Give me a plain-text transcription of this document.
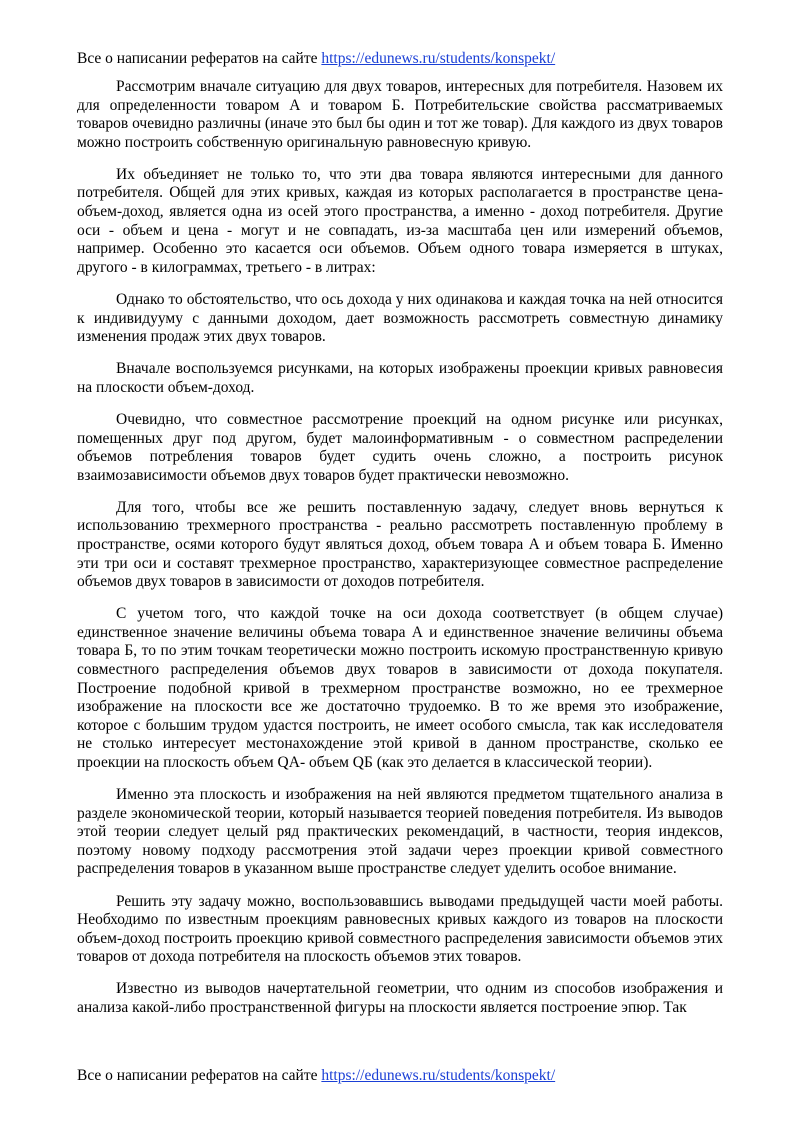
Все о написании рефератов на сайте https://edunews.ru/students/konspekt/

Рассмотрим вначале ситуацию для двух товаров, интересных для потребителя. Назовем их для определенности товаром А и товаром Б. Потребительские свойства рассматриваемых товаров очевидно различны (иначе это был бы один и тот же товар). Для каждого из двух товаров можно построить собственную оригинальную равновесную кривую.

Их объединяет не только то, что эти два товара являются интересными для данного потребителя. Общей для этих кривых, каждая из которых располагается в пространстве цена-объем-доход, является одна из осей этого пространства, а именно - доход потребителя. Другие оси - объем и цена - могут и не совпадать, из-за масштаба цен или измерений объемов, например. Особенно это касается оси объемов. Объем одного товара измеряется в штуках, другого - в килограммах, третьего - в литрах:

Однако то обстоятельство, что ось дохода у них одинакова и каждая точка на ней относится к индивидууму с данными доходом, дает возможность рассмотреть совместную динамику изменения продаж этих двух товаров.

Вначале воспользуемся рисунками, на которых изображены проекции кривых равновесия на плоскости объем-доход.

Очевидно, что совместное рассмотрение проекций на одном рисунке или рисунках, помещенных друг под другом, будет малоинформативным - о совместном распределении объемов потребления товаров будет судить очень сложно, а построить рисунок взаимозависимости объемов двух товаров будет практически невозможно.

Для того, чтобы все же решить поставленную задачу, следует вновь вернуться к использованию трехмерного пространства - реально рассмотреть поставленную проблему в пространстве, осями которого будут являться доход, объем товара А и объем товара Б. Именно эти три оси и составят трехмерное пространство, характеризующее совместное распределение объемов двух товаров в зависимости от доходов потребителя.

С учетом того, что каждой точке на оси дохода соответствует (в общем случае) единственное значение величины объема товара А и единственное значение величины объема товара Б, то по этим точкам теоретически можно построить искомую пространственную кривую совместного распределения объемов двух товаров в зависимости от дохода покупателя. Построение подобной кривой в трехмерном пространстве возможно, но ее трехмерное изображение на плоскости все же достаточно трудоемко. В то же время это изображение, которое с большим трудом удастся построить, не имеет особого смысла, так как исследователя не столько интересует местонахождение этой кривой в данном пространстве, сколько ее проекции на плоскость объем QA- объем QБ (как это делается в классической теории).

Именно эта плоскость и изображения на ней являются предметом тщательного анализа в разделе экономической теории, который называется теорией поведения потребителя. Из выводов этой теории следует целый ряд практических рекомендаций, в частности, теория индексов, поэтому новому подходу рассмотрения этой задачи через проекции кривой совместного распределения товаров в указанном выше пространстве следует уделить особое внимание.

Решить эту задачу можно, воспользовавшись выводами предыдущей части моей работы. Необходимо по известным проекциям равновесных кривых каждого из товаров на плоскости объем-доход построить проекцию кривой совместного распределения зависимости объемов этих товаров от дохода потребителя на плоскость объемов этих товаров.

Известно из выводов начертательной геометрии, что одним из способов изображения и анализа какой-либо пространственной фигуры на плоскости является построение эпюр. Так

Все о написании рефератов на сайте https://edunews.ru/students/konspekt/
